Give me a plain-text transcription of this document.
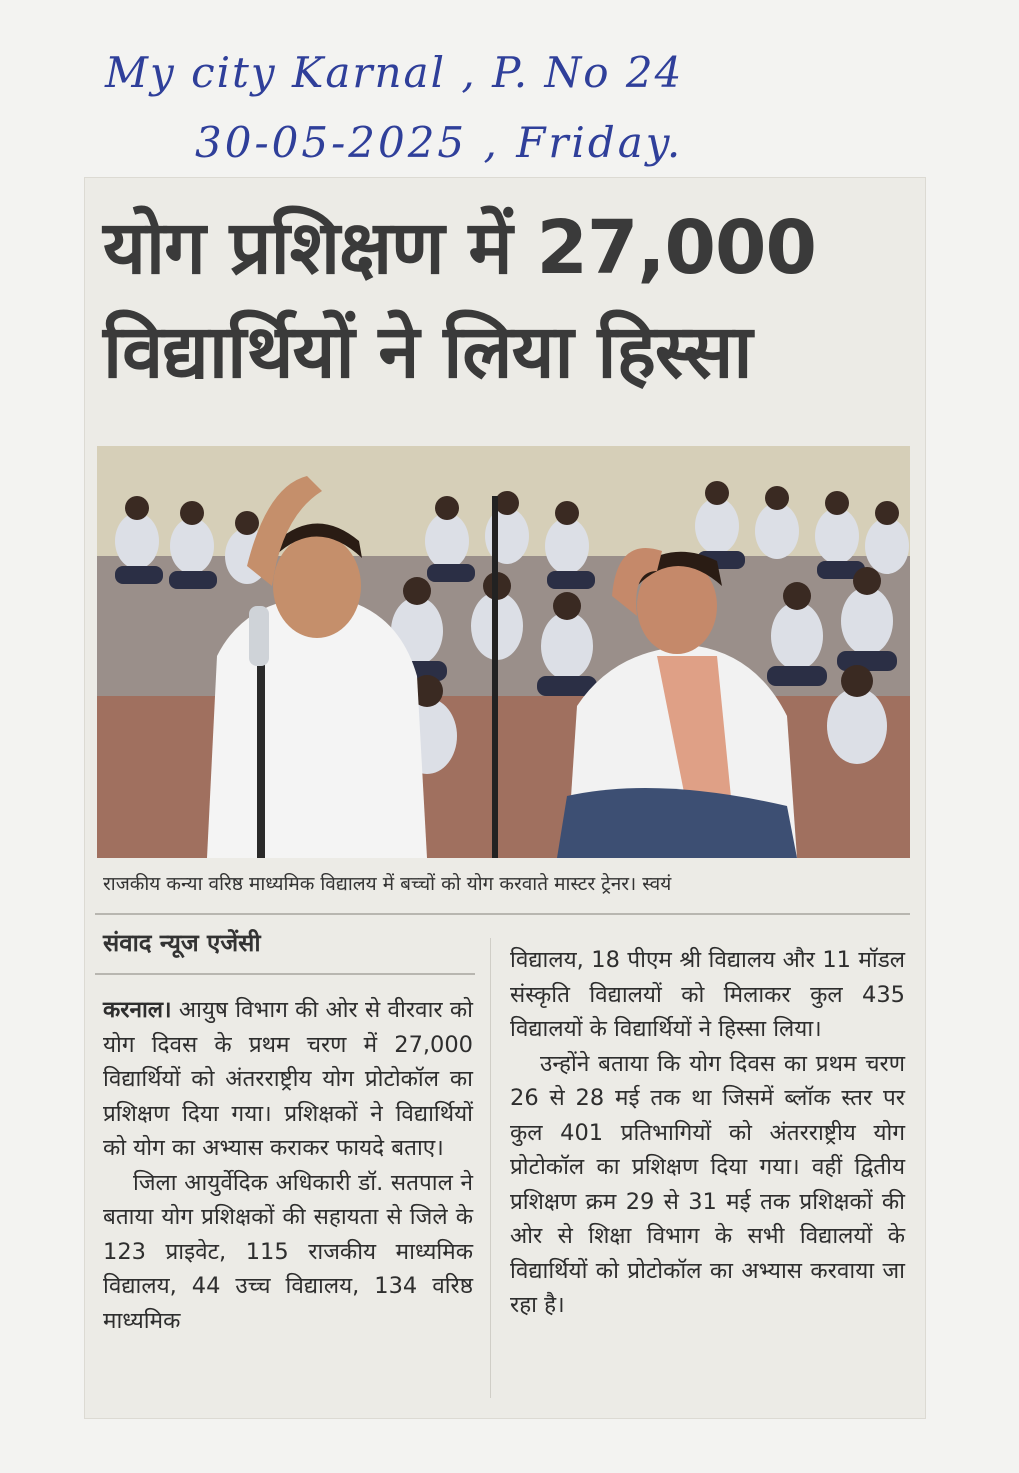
My city Karnal , P. No 24
30-05-2025 , Friday.
योग प्रशिक्षण में 27,000
विद्यार्थियों ने लिया हिस्सा
राजकीय कन्या वरिष्ठ माध्यमिक विद्यालय में बच्चों को योग करवाते मास्टर ट्रेनर। स्वयं
संवाद न्यूज एजेंसी

करनाल। आयुष विभाग की ओर से वीरवार को योग दिवस के प्रथम चरण में 27,000 विद्यार्थियों को अंतरराष्ट्रीय योग प्रोटोकॉल का प्रशिक्षण दिया गया। प्रशिक्षकों ने विद्यार्थियों को योग का अभ्यास कराकर फायदे बताए।

जिला आयुर्वेदिक अधिकारी डॉ. सतपाल ने बताया योग प्रशिक्षकों की सहायता से जिले के 123 प्राइवेट, 115 राजकीय माध्यमिक विद्यालय, 44 उच्च विद्यालय, 134 वरिष्ठ माध्यमिक

विद्यालय, 18 पीएम श्री विद्यालय और 11 मॉडल संस्कृति विद्यालयों को मिलाकर कुल 435 विद्यालयों के विद्यार्थियों ने हिस्सा लिया।

उन्होंने बताया कि योग दिवस का प्रथम चरण 26 से 28 मई तक था जिसमें ब्लॉक स्तर पर कुल 401 प्रतिभागियों को अंतरराष्ट्रीय योग प्रोटोकॉल का प्रशिक्षण दिया गया। वहीं द्वितीय प्रशिक्षण क्रम 29 से 31 मई तक प्रशिक्षकों की ओर से शिक्षा विभाग के सभी विद्यालयों के विद्यार्थियों को प्रोटोकॉल का अभ्यास करवाया जा रहा है।
